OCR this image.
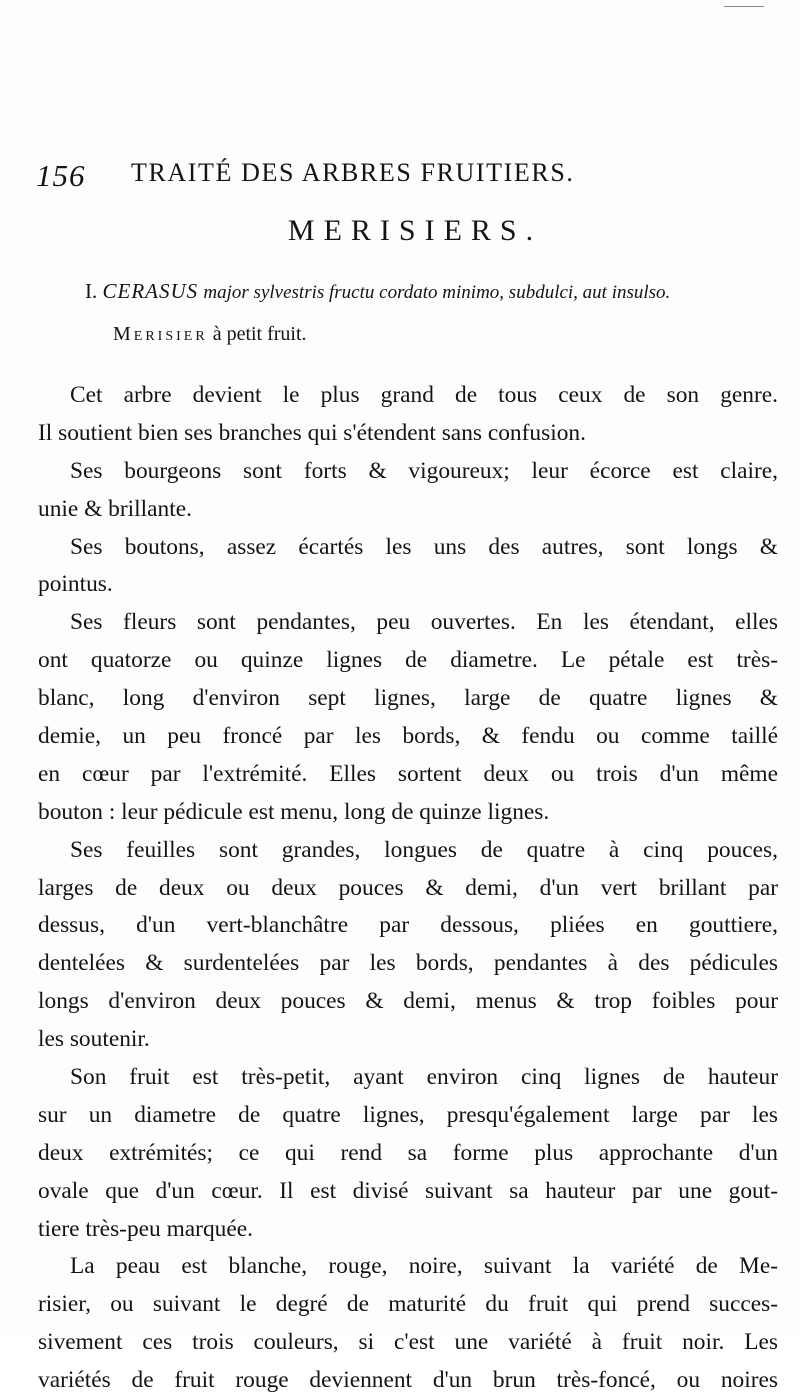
156 TRAITÉ DES ARBRES FRUITIERS.
MERISIERS.
I. CERASUS major sylvestris fructu cordato minimo, subdulci, aut insulso.
Merisier à petit fruit.
Cet arbre devient le plus grand de tous ceux de son genre.
Il soutient bien ses branches qui s'étendent sans confusion.
Ses bourgeons sont forts & vigoureux; leur écorce est claire,
unie & brillante.
Ses boutons, assez écartés les uns des autres, sont longs &
pointus.
Ses fleurs sont pendantes, peu ouvertes. En les étendant, elles
ont quatorze ou quinze lignes de diametre. Le pétale est très-
blanc, long d'environ sept lignes, large de quatre lignes &
demie, un peu froncé par les bords, & fendu ou comme taillé
en cœur par l'extrémité. Elles sortent deux ou trois d'un même
bouton : leur pédicule est menu, long de quinze lignes.
Ses feuilles sont grandes, longues de quatre à cinq pouces,
larges de deux ou deux pouces & demi, d'un vert brillant par
dessus, d'un vert-blanchâtre par dessous, pliées en gouttiere,
dentelées & surdentelées par les bords, pendantes à des pédicules
longs d'environ deux pouces & demi, menus & trop foibles pour
les soutenir.
Son fruit est très-petit, ayant environ cinq lignes de hauteur
sur un diametre de quatre lignes, presqu'également large par les
deux extrémités; ce qui rend sa forme plus approchante d'un
ovale que d'un cœur. Il est divisé suivant sa hauteur par une gout-
tiere très-peu marquée.
La peau est blanche, rouge, noire, suivant la variété de Me-
risier, ou suivant le degré de maturité du fruit qui prend succes-
sivement ces trois couleurs, si c'est une variété à fruit noir. Les
variétés de fruit rouge deviennent d'un brun très-foncé, ou noires
